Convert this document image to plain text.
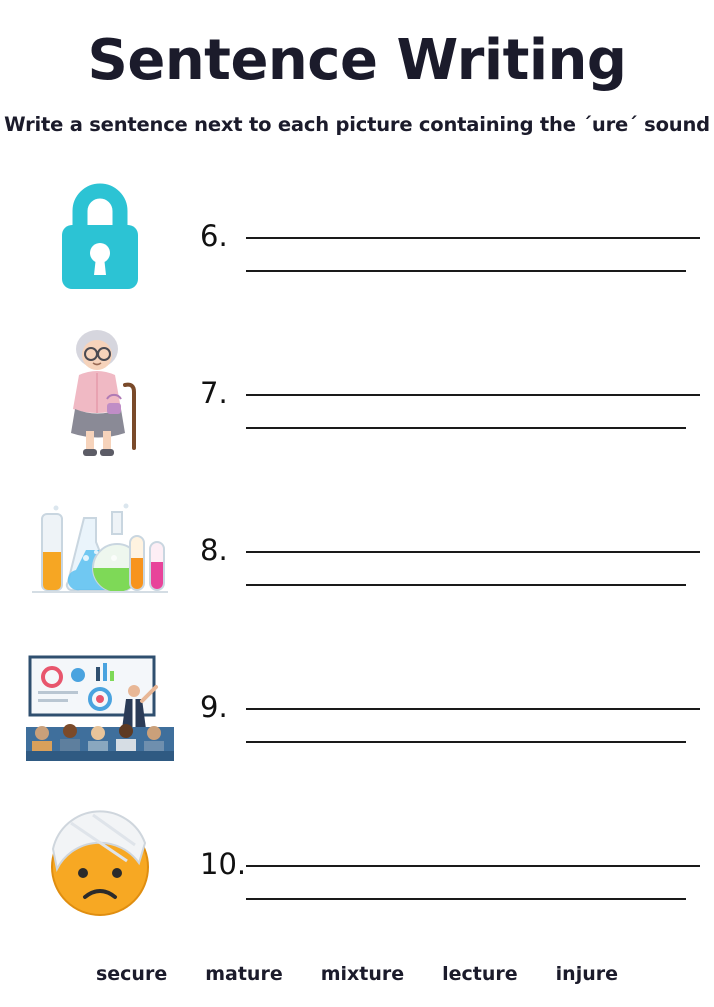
Sentence Writing

Write a sentence next to each picture containing the ´ure´ sound

6.
7.
8.
9.
10.
secure mature mixture lecture injure
